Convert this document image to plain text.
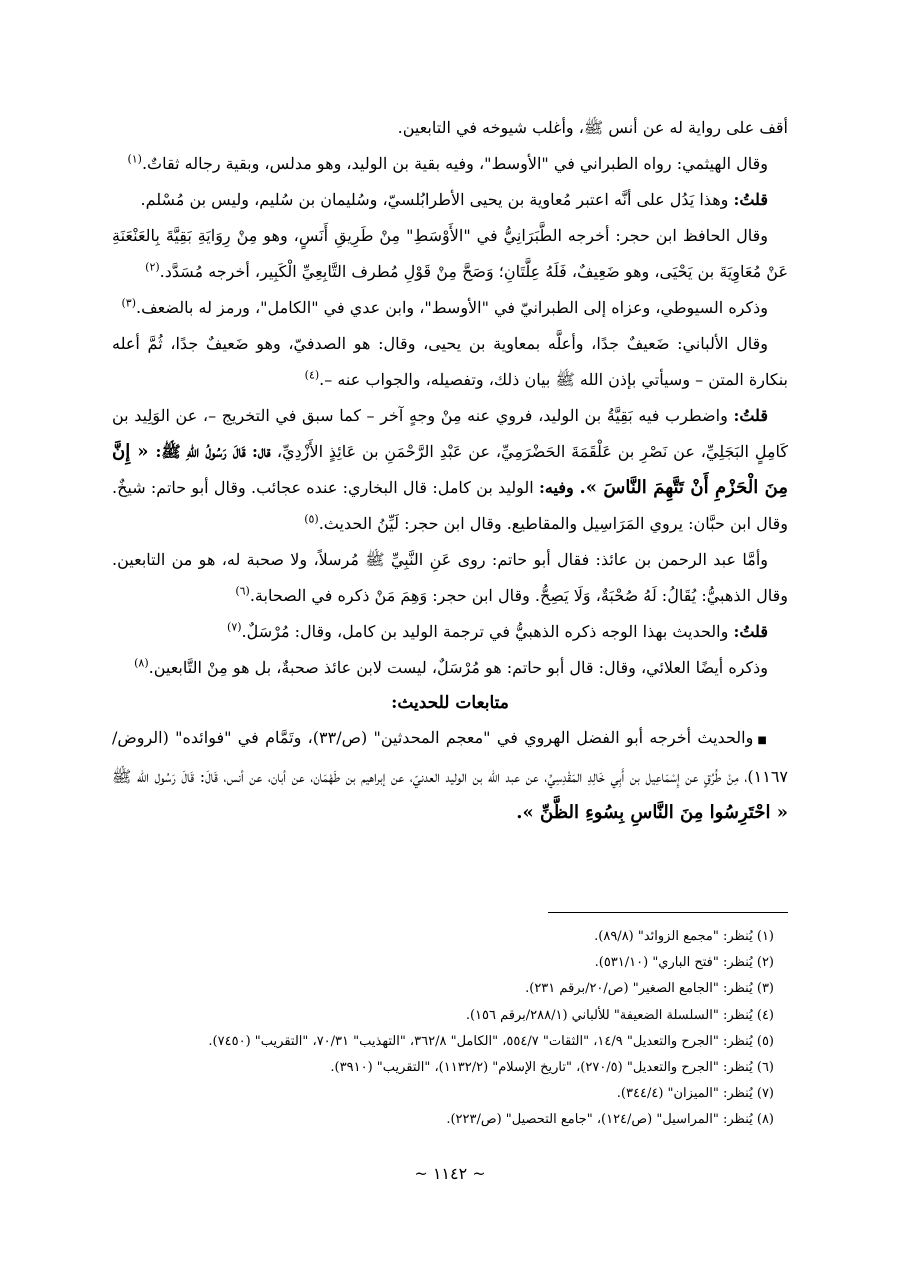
أقف على رواية له عن أنس ﷺ، وأغلب شيوخه في التابعين.

وقال الهيثمي: رواه الطبراني في "الأوسط"، وفيه بقية بن الوليد، وهو مدلس، وبقية رجاله ثقاتٌ.$^{(١)}$

قلتُ: وهذا يَدُل على أنَّه اعتبر مُعاوية بن يحيى الأطرابُلسيّ، وسُليمان بن سُليم، وليس بن مُسْلم.

وقال الحافظ ابن حجر: أخرجه الطَّبَرَانِيُّ في "الأَوْسَطِ" مِنْ طَرِيقِ أَنَسٍ، وهو مِنْ رِوَايَةِ بَقِيَّةَ بِالعَنْعَنَةِ عَنْ مُعَاوِيَةَ بن يَحْيَى، وهو ضَعِيفٌ، فَلَهُ عِلَّتَانِ؛ وَصَحَّ مِنْ قَوْلِ مُطرف التَّابِعِيِّ الْكَبِير، أخرجه مُسَدَّد.$^{(٢)}$

وذكره السيوطي، وعزاه إلى الطبرانيّ في "الأوسط"، وابن عدي في "الكامل"، ورمز له بالضعف.$^{(٣)}$

وقال الألباني: ضَعيفٌ جدًا، وأعلَّه بمعاوية بن يحيى، وقال: هو الصدفيّ، وهو ضَعيفٌ جدًا، ثُمَّ أعله بنكارة المتن – وسيأتي بإذن الله ﷺ بيان ذلك، وتفصيله، والجواب عنه –.$^{(٤)}$

قلتُ: واضطرب فيه بَقِيَّةُ بن الوليد، فروي عنه مِنْ وجهٍ آخر – كما سبق في التخريج –، عن الوَلِيد بن كَامِلٍ البَجَلِيِّ، عن نَصْرِ بن عَلْقَمَةَ الحَضْرَمِيِّ، عن عَبْدِ الرَّحْمَنِ بن عَائِذٍ الأَزْدِيِّ، قال: قَالَ رَسُولُ اللهِ ﷺ: « إِنَّ مِنَ الْحَزْمِ أَنْ تَتَّهِمَ النَّاسَ ». وفيه: الوليد بن كامل: قال البخاري: عنده عجائب. وقال أبو حاتم: شيخٌ. وقال ابن حبَّان: يروي المَرَاسِيل والمقاطيع. وقال ابن حجر: لَيِّنُ الحديث.$^{(٥)}$

وأمَّا عبد الرحمن بن عائذ: فقال أبو حاتم: روى عَنِ النَّبِيِّ ﷺ مُرسلاً، ولا صحبة له، هو من التابعين. وقال الذهبيُّ: يُقَالُ: لَهُ صُحْبَةٌ، وَلَا يَصِحُّ. وقال ابن حجر: وَهِمَ مَنْ ذكره في الصحابة.$^{(٦)}$

قلتُ: والحديث بهذا الوجه ذكره الذهبيُّ في ترجمة الوليد بن كامل، وقال: مُرْسَلٌ.$^{(٧)}$

وذكره أيضًا العلائي، وقال: قال أبو حاتم: هو مُرْسَلٌ، ليست لابن عائذ صحبةٌ، بل هو مِنْ التَّابعين.$^{(٨)}$

متابعات للحديث:

■والحديث أخرجه أبو الفضل الهروي في "معجم المحدثين" (ص/٣٣)، وتَمَّام في "فوائده" (الروض/١١٦٧)، مِنْ طُرُقٍ عن إِسْمَاعِيل بن أَبِي خَالِدِ المَقْدِسِيِّ، عن عبد الله بن الوليد العدنيّ، عن إبراهيم بن طَهْمَان، عن أبان، عن أنس، قَالَ: قَالَ رَسُول الله ﷺ « احْتَرِسُوا مِنَ النَّاسِ بِسُوءِ الظَّنِّ ».

(١) يُنظر: "مجمع الزوائد" (٨٩/٨).

(٢) يُنظر: "فتح الباري" (٥٣١/١٠).

(٣) يُنظر: "الجامع الصغير" (ص/٢٠/برقم ٢٣١).

(٤) يُنظر: "السلسلة الضعيفة" للألباني (٢٨٨/١/برقم ١٥٦).

(٥) يُنظر: "الجرح والتعديل" ١٤/٩، "الثقات" ٥٥٤/٧، "الكامل" ٣٦٢/٨، "التهذيب" ٧٠/٣١، "التقريب" (٧٤٥٠).

(٦) يُنظر: "الجرح والتعديل" (٢٧٠/٥)، "تاريخ الإسلام" (١١٣٢/٢)، "التقريب" (٣٩١٠).

(٧) يُنظر: "الميزان" (٣٤٤/٤).

(٨) يُنظر: "المراسيل" (ص/١٢٤)، "جامع التحصيل" (ص/٢٢٣).

~ ١١٤٢ ~
